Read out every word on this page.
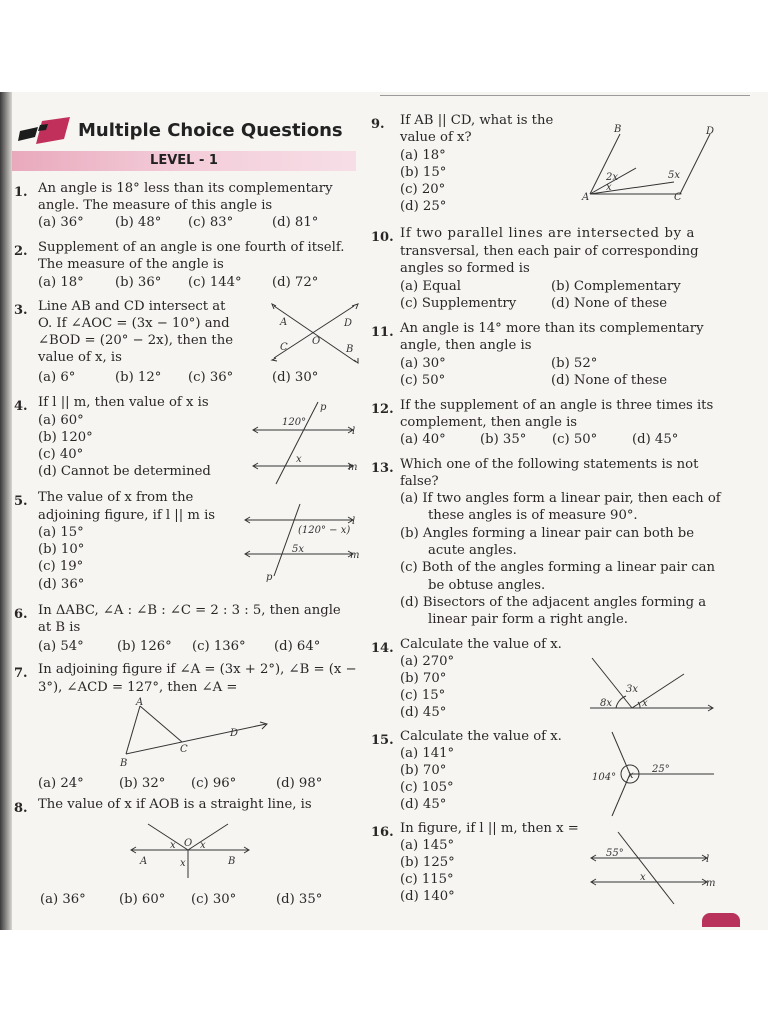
Multiple Choice Questions
LEVEL - 1
1. An angle is 18° less than its complementary
angle. The measure of this angle is
(a) 36° (b) 48° (c) 83°	(d) 81°
2. Supplement of an angle is one fourth of itself.
The measure of the angle is
(a) 18° (b) 36° (c) 144° (d) 72°
3. Line AB and CD intersect at
O. If ∠AOC = (3x − 10°) and
∠BOD = (20° − 2x), then the
value of x, is
(a) 6°	(b) 12° (c) 36°	(d) 30°
A	D
C	B
O
4. If l || m, then value of x is
(a) 60°
(b) 120°
(c) 40°
(d) Cannot be determined
120°
x
l
m
p
5. The value of x from the
adjoining figure, if l || m is
(a) 15°
(b) 10°
(c) 19°
(d) 36°
(120° − x)
5x
l
m
p
6. In ΔABC, ∠A : ∠B : ∠C = 2 : 3 : 5, then angle
at B is
(a) 54°	(b) 126° (c) 136° (d) 64°
7. In adjoining figure if ∠A = (3x + 2°), ∠B = (x −
3°), ∠ACD = 127°, then ∠A =
A
B
C
D
(a) 24°	(b) 32° (c) 96°	(d) 98°
8. The value of x if AOB is a straight line, is
A	B
O
x x
x
(a) 36°	(b) 60° (c) 30°	(d) 35°
9. If AB || CD, what is the
value of x?
(a) 18°
(b) 15°
(c) 20°
(d) 25°
B	D
A	C
2x
x
5x
10. If two parallel lines are intersected by a
transversal, then each pair of corresponding
angles so formed is
(a) Equal	(b) Complementary
(c) Supplementry	(d) None of these
11. An angle is 14° more than its complementary
angle, then angle is
(a) 30°	(b) 52°
(c) 50°	(d) None of these
12. If the supplement of an angle is three times its
complement, then angle is
(a) 40°	(b) 35° (c) 50°	(d) 45°
13. Which one of the following statements is not
false?
(a) If two angles form a linear pair, then each of
these angles is of measure 90°.
(b) Angles forming a linear pair can both be
acute angles.
(c) Both of the angles forming a linear pair can
be obtuse angles.
(d) Bisectors of the adjacent angles forming a
linear pair form a right angle.
14. Calculate the value of x.
(a) 270°
(b) 70°
(c) 15°
(d) 45°
8x
3x
x
15. Calculate the value of x.
(a) 141°
(b) 70°
(c) 105°
(d) 45°
104°
25°
x
16. In figure, if l || m, then x =
(a) 145°
(b) 125°
(c) 115°
(d) 140°
55°
x
l
m
